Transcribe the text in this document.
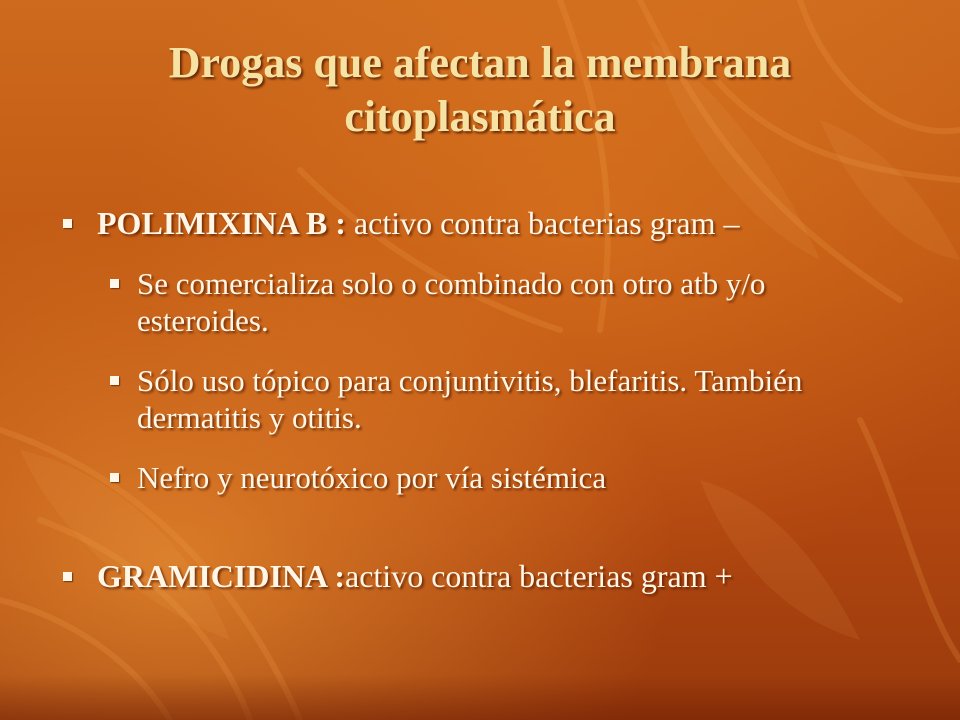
Drogas que afectan la membrana citoplasmática
POLIMIXINA B : activo contra bacterias gram –
Se comercializa solo o combinado con otro atb y/o esteroides.
Sólo uso tópico para conjuntivitis, blefaritis. También dermatitis y otitis.
Nefro y neurotóxico por vía sistémica
GRAMICIDINA :activo contra bacterias gram +
